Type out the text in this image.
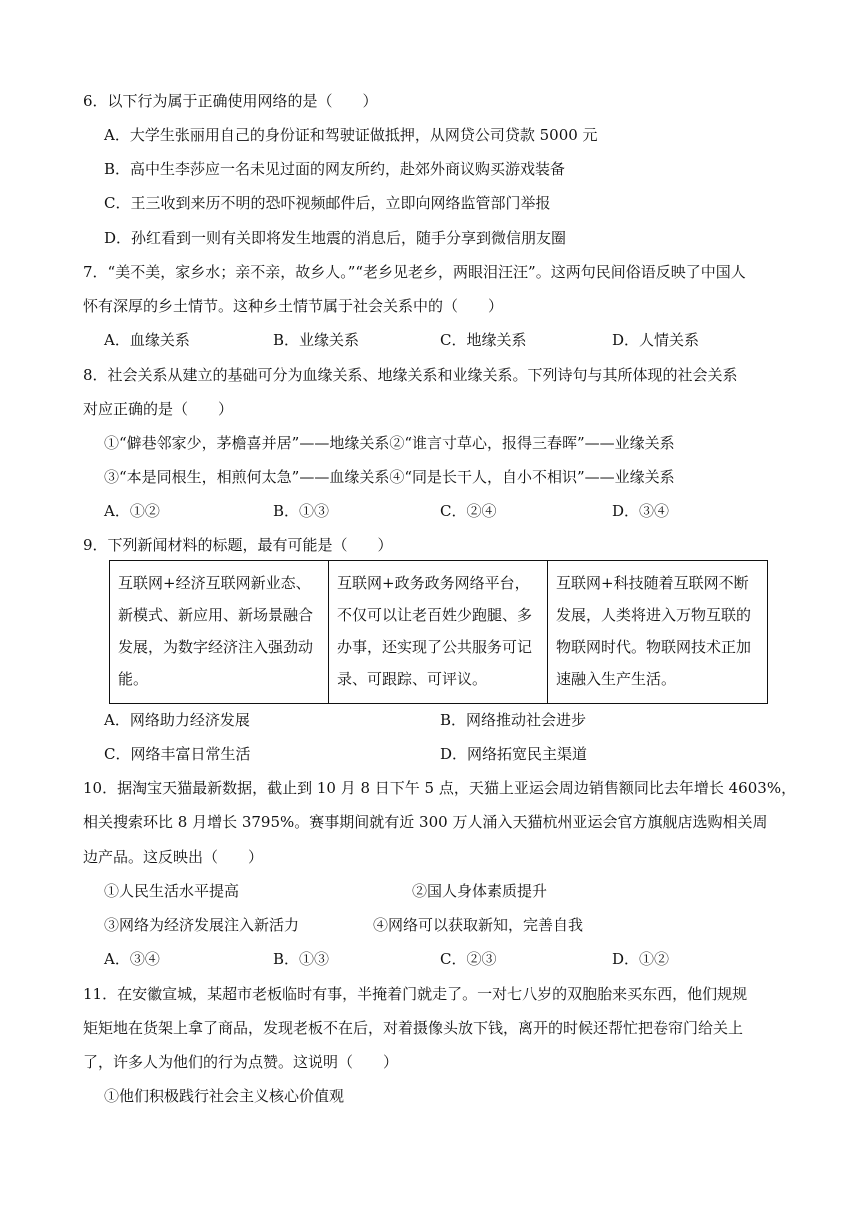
6．以下行为属于正确使用网络的是（　　）
A．大学生张丽用自己的身份证和驾驶证做抵押，从网贷公司贷款 5000 元
B．高中生李莎应一名未见过面的网友所约，赴郊外商议购买游戏装备
C．王三收到来历不明的恐吓视频邮件后，立即向网络监管部门举报
D．孙红看到一则有关即将发生地震的消息后，随手分享到微信朋友圈
7．“美不美，家乡水；亲不亲，故乡人。”“老乡见老乡，两眼泪汪汪”。这两句民间俗语反映了中国人
怀有深厚的乡土情节。这种乡土情节属于社会关系中的（　　）
A．血缘关系	B．业缘关系	C．地缘关系	D．人情关系
8．社会关系从建立的基础可分为血缘关系、地缘关系和业缘关系。下列诗句与其所体现的社会关系
对应正确的是（　　）
①“僻巷邻家少，茅檐喜并居”——地缘关系②“谁言寸草心，报得三春晖”——业缘关系
③“本是同根生，相煎何太急”——血缘关系④“同是长干人，自小不相识”——业缘关系
A．①②	B．①③	C．②④	D．③④
9．下列新闻材料的标题，最有可能是（　　）
互联网+经济互联网新业态、新模式、新应用、新场景融合发展，为数字经济注入强劲动能。	互联网+政务政务网络平台，不仅可以让老百姓少跑腿、多办事，还实现了公共服务可记录、可跟踪、可评议。	互联网+科技随着互联网不断发展，人类将进入万物互联的物联网时代。物联网技术正加速融入生产生活。
A．网络助力经济发展	B．网络推动社会进步
C．网络丰富日常生活	D．网络拓宽民主渠道
10．据淘宝天猫最新数据，截止到 10 月 8 日下午 5 点，天猫上亚运会周边销售额同比去年增长 4603%，
相关搜索环比 8 月增长 3795%。赛事期间就有近 300 万人涌入天猫杭州亚运会官方旗舰店选购相关周
边产品。这反映出（　　）
①人民生活水平提高	②国人身体素质提升
③网络为经济发展注入新活力	④网络可以获取新知，完善自我
A．③④	B．①③	C．②③	D．①②
11．在安徽宣城，某超市老板临时有事，半掩着门就走了。一对七八岁的双胞胎来买东西，他们规规
矩矩地在货架上拿了商品，发现老板不在后，对着摄像头放下钱，离开的时候还帮忙把卷帘门给关上
了，许多人为他们的行为点赞。这说明（　　）
①他们积极践行社会主义核心价值观
